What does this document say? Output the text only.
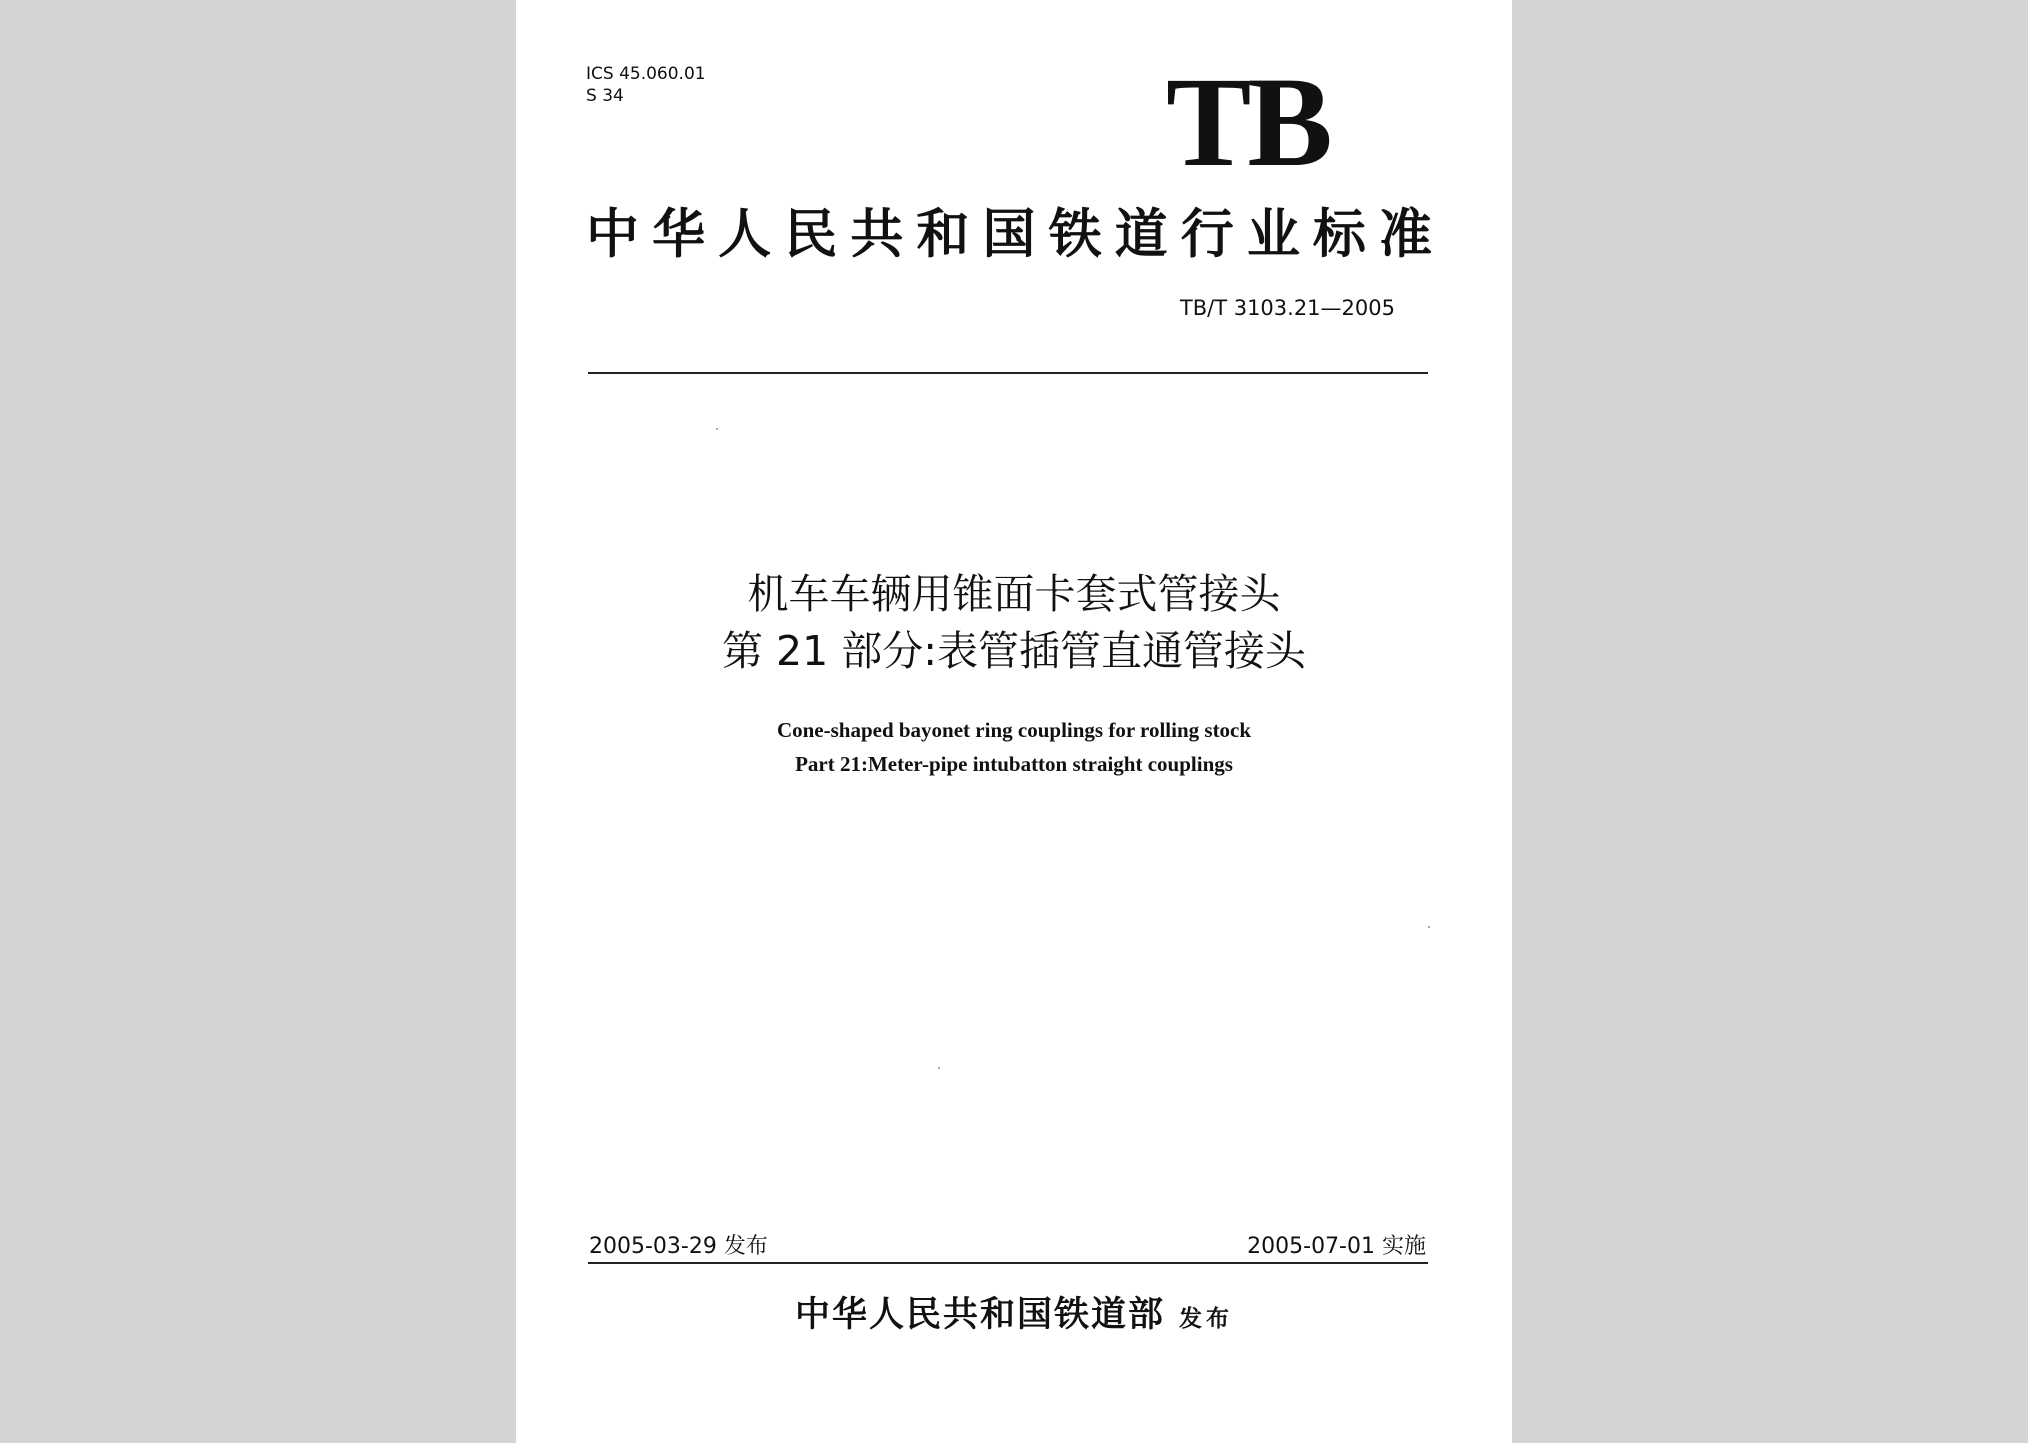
ICS 45.060.01
S 34	TB
中华人民共和国铁道行业标准
TB/T 3103.21—2005
机车车辆用锥面卡套式管接头
第 21 部分:表管插管直通管接头
Cone-shaped bayonet ring couplings for rolling stock
Part 21:Meter-pipe intubatton straight couplings
2005-03-29 发布	2005-07-01 实施
中华人民共和国铁道部 发布
